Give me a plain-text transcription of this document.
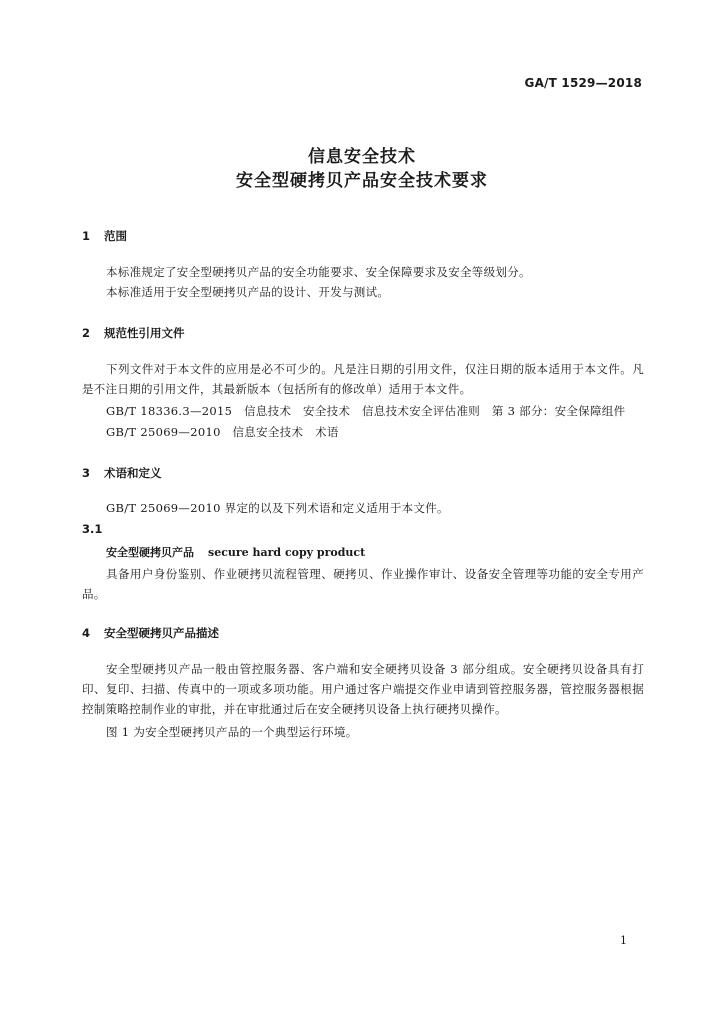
GA/T 1529—2018
信息安全技术
安全型硬拷贝产品安全技术要求
1 范围
本标准规定了安全型硬拷贝产品的安全功能要求、安全保障要求及安全等级划分。
本标准适用于安全型硬拷贝产品的设计、开发与测试。
2 规范性引用文件
下列文件对于本文件的应用是必不可少的。凡是注日期的引用文件，仅注日期的版本适用于本文件。凡是不注日期的引用文件，其最新版本（包括所有的修改单）适用于本文件。
GB/T 18336.3—2015　信息技术　安全技术　信息技术安全评估准则　第 3 部分：安全保障组件
GB/T 25069—2010　信息安全技术　术语
3 术语和定义
GB/T 25069—2010 界定的以及下列术语和定义适用于本文件。
3.1
安全型硬拷贝产品 secure hard copy product
具备用户身份鉴别、作业硬拷贝流程管理、硬拷贝、作业操作审计、设备安全管理等功能的安全专用产品。
4 安全型硬拷贝产品描述
安全型硬拷贝产品一般由管控服务器、客户端和安全硬拷贝设备 3 部分组成。安全硬拷贝设备具有打印、复印、扫描、传真中的一项或多项功能。用户通过客户端提交作业申请到管控服务器，管控服务器根据控制策略控制作业的审批，并在审批通过后在安全硬拷贝设备上执行硬拷贝操作。
图 1 为安全型硬拷贝产品的一个典型运行环境。
1
